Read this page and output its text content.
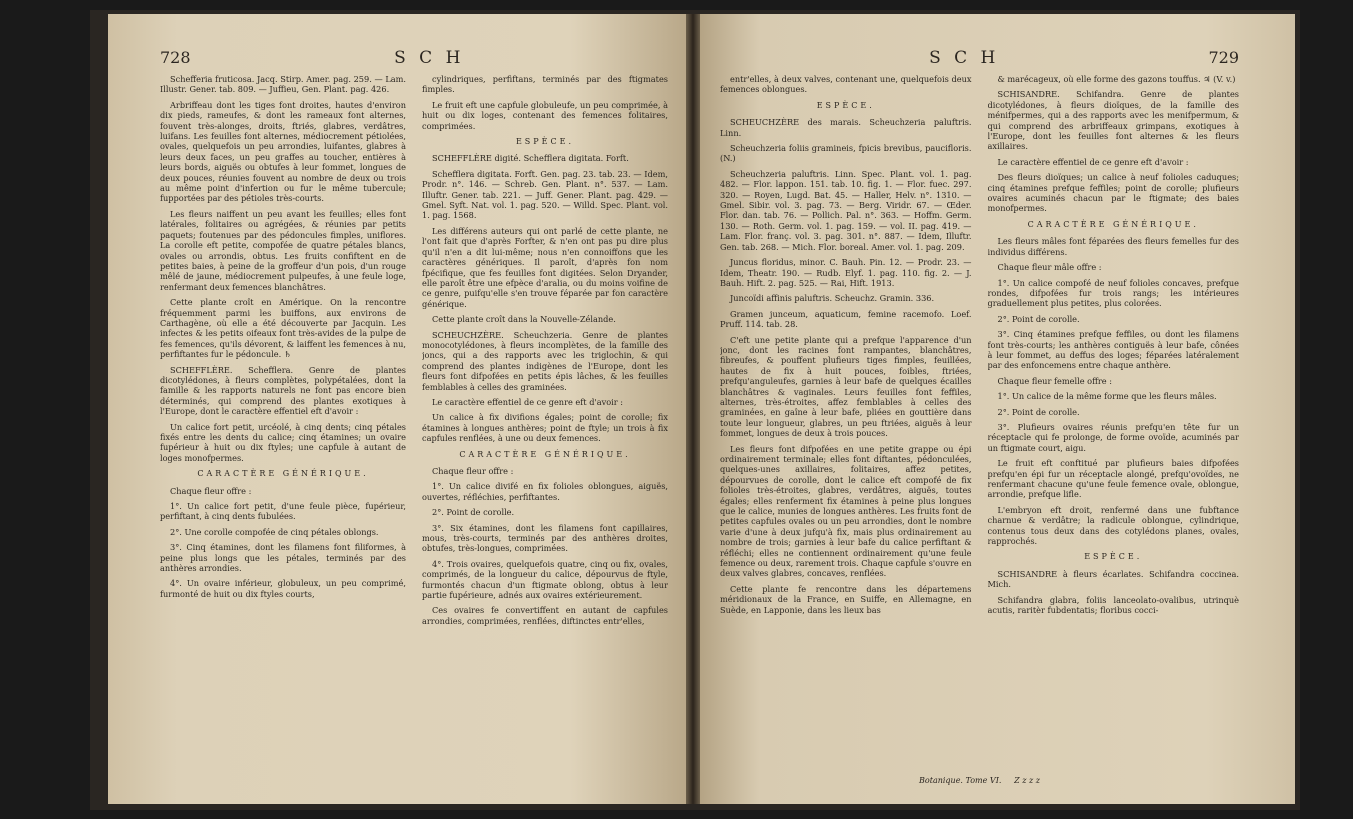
728	S C H

Schefferia fruticosa. Jacq. Stirp. Amer. pag. 259. — Lam. Illustr. Gener. tab. 809. — Juffieu, Gen. Plant. pag. 426.

Arbriffeau dont les tiges font droites, hautes d'environ dix pieds, rameufes, & dont les rameaux font alternes, fouvent très-alonges, droits, ftriés, glabres, verdâtres, luifans. Les feuilles font alternes, médiocrement pétiolées, ovales, quelquefois un peu arrondies, luifantes, glabres à leurs deux faces, un peu graffes au toucher, entières à leurs bords, aiguës ou obtufes à leur fommet, longues de deux pouces, réunies fouvent au nombre de deux ou trois au même point d'infertion ou fur le même tubercule; fupportées par des pétioles très-courts.

Les fleurs naiffent un peu avant les feuilles; elles font latérales, folitaires ou agrégées, & réunies par petits paquets; foutenues par des pédoncules fimples, uniflores. La corolle eft petite, compofée de quatre pétales blancs, ovales ou arrondis, obtus. Les fruits confiftent en de petites baies, à peine de la groffeur d'un pois, d'un rouge mêlé de jaune, médiocrement pulpeufes, à une feule loge, renfermant deux femences blanchâtres.

Cette plante croît en Amérique. On la rencontre fréquemment parmi les buiffons, aux environs de Carthagène, où elle a été découverte par Jacquin. Les infectes & les petits oifeaux font très-avides de la pulpe de fes femences, qu'ils dévorent, & laiffent les femences à nu, perfiftantes fur le pédoncule. ♄

SCHEFFLÈRE. Schefflera. Genre de plantes dicotylédones, à fleurs complètes, polypétalées, dont la famille & les rapports naturels ne font pas encore bien déterminés, qui comprend des plantes exotiques à l'Europe, dont le caractère effentiel eft d'avoir :

Un calice fort petit, urcéolé, à cinq dents; cinq pétales fixés entre les dents du calice; cinq étamines; un ovaire fupérieur à huit ou dix ftyles; une capfule à autant de loges monofpermes.

CARACTÈRE GÉNÉRIQUE.

Chaque fleur offre :

1°. Un calice fort petit, d'une feule pièce, fupérieur, perfiftant, à cinq dents fubulées.

2°. Une corolle compofée de cinq pétales oblongs.

3°. Cinq étamines, dont les filamens font filiformes, à peine plus longs que les pétales, terminés par des anthères arrondies.

4°. Un ovaire inférieur, globuleux, un peu comprimé, furmonté de huit ou dix ftyles courts,

cylindriques, perfiftans, terminés par des ftigmates fimples.

Le fruit eft une capfule globuleufe, un peu comprimée, à huit ou dix loges, contenant des femences folitaires, comprimées.

ESPÈCE.

SCHEFFLÈRE digité. Schefflera digitata. Forft.

Schefflera digitata. Forft. Gen. pag. 23. tab. 23. — Idem, Prodr. n°. 146. — Schreb. Gen. Plant. n°. 537. — Lam. Illuftr. Gener. tab. 221. — Juff. Gener. Plant. pag. 429. — Gmel. Syft. Nat. vol. 1. pag. 520. — Willd. Spec. Plant. vol. 1. pag. 1568.

Les différens auteurs qui ont parlé de cette plante, ne l'ont fait que d'après Forfter, & n'en ont pas pu dire plus qu'il n'en a dit lui-même; nous n'en connoiffons que les caractères génériques. Il paroît, d'après fon nom fpécifique, que fes feuilles font digitées. Selon Dryander, elle paroît être une efpèce d'aralia, ou du moins voifine de ce genre, puifqu'elle s'en trouve féparée par fon caractère générique.

Cette plante croît dans la Nouvelle-Zélande.

SCHEUCHZÈRE. Scheuchzeria. Genre de plantes monocotylédones, à fleurs incomplètes, de la famille des joncs, qui a des rapports avec les triglochin, & qui comprend des plantes indigènes de l'Europe, dont les fleurs font difpofées en petits épis lâches, & les feuilles femblables à celles des graminées.

Le caractère effentiel de ce genre eft d'avoir :

Un calice à fix divifions égales; point de corolle; fix étamines à longues anthères; point de ftyle; un trois à fix capfules renflées, à une ou deux femences.

CARACTÈRE GÉNÉRIQUE.

Chaque fleur offre :

1°. Un calice divifé en fix folioles oblongues, aiguës, ouvertes, réfléchies, perfiftantes.

2°. Point de corolle.

3°. Six étamines, dont les filamens font capillaires, mous, très-courts, terminés par des anthères droites, obtufes, très-longues, comprimées.

4°. Trois ovaires, quelquefois quatre, cinq ou fix, ovales, comprimés, de la longueur du calice, dépourvus de ftyle, furmontés chacun d'un ftigmate oblong, obtus à leur partie fupérieure, adnés aux ovaires extérieurement.

Ces ovaires fe convertiffent en autant de capfules arrondies, comprimées, renflées, diftinctes entr'elles,

S C H	729

entr'elles, à deux valves, contenant une, quelquefois deux femences oblongues.

ESPÈCE.

SCHEUCHZÈRE des marais. Scheuchzeria paluftris. Linn.

Scheuchzeria foliis gramineis, fpicis brevibus, paucifloris. (N.)

Scheuchzeria paluftris. Linn. Spec. Plant. vol. 1. pag. 482. — Flor. lappon. 151. tab. 10. fig. 1. — Flor. fuec. 297. 320. — Royen, Lugd. Bat. 45. — Haller, Helv. n°. 1310. — Gmel. Sibir. vol. 3. pag. 73. — Berg. Viridr. 67. — Œder. Flor. dan. tab. 76. — Pollich. Pal. n°. 363. — Hoffm. Germ. 130. — Roth. Germ. vol. 1. pag. 159. — vol. II. pag. 419. — Lam. Flor. franç. vol. 3. pag. 301. n°. 887. — Idem, Illuftr. Gen. tab. 268. — Mich. Flor. boreal. Amer. vol. 1. pag. 209.

Juncus floridus, minor. C. Bauh. Pin. 12. — Prodr. 23. — Idem, Theatr. 190. — Rudb. Elyf. 1. pag. 110. fig. 2. — J. Bauh. Hift. 2. pag. 525. — Rai, Hift. 1913.

Juncoïdi affinis paluftris. Scheuchz. Gramin. 336.

Gramen junceum, aquaticum, femine racemofo. Loef. Pruff. 114. tab. 28.

C'eft une petite plante qui a prefque l'apparence d'un jonc, dont les racines font rampantes, blanchâtres, fibreufes, & pouffent plufieurs tiges fimples, feuillées, hautes de fix à huit pouces, foibles, ftriées, prefqu'anguleufes, garnies à leur bafe de quelques écailles blanchâtres & vaginales. Leurs feuilles font feffiles, alternes, très-étroites, affez femblables à celles des graminées, en gaîne à leur bafe, pliées en gouttière dans toute leur longueur, glabres, un peu ftriées, aiguës à leur fommet, longues de deux à trois pouces.

Les fleurs font difpofées en une petite grappe ou épi ordinairement terminale; elles font diftantes, pédonculées, quelques-unes axillaires, folitaires, affez petites, dépourvues de corolle, dont le calice eft compofé de fix folioles très-étroites, glabres, verdâtres, aiguës, toutes égales; elles renferment fix étamines à peine plus longues que le calice, munies de longues anthères. Les fruits font de petites capfules ovales ou un peu arrondies, dont le nombre varie d'une à deux jufqu'à fix, mais plus ordinairement au nombre de trois; garnies à leur bafe du calice perfiftant & réfléchi; elles ne contiennent ordinairement qu'une feule femence ou deux, rarement trois. Chaque capfule s'ouvre en deux valves glabres, concaves, renflées.

Cette plante fe rencontre dans les départemens méridionaux de la France, en Suiffe, en Allemagne, en Suède, en Lapponie, dans les lieux bas

& marécageux, où elle forme des gazons touffus. ♃ (V. v.)

SCHISANDRE. Schifandra. Genre de plantes dicotylédones, à fleurs dioïques, de la famille des ménifpermes, qui a des rapports avec les menifpermum, & qui comprend des arbriffeaux grimpans, exotiques à l'Europe, dont les feuilles font alternes & les fleurs axillaires.

Le caractère effentiel de ce genre eft d'avoir :

Des fleurs dioïques; un calice à neuf folioles caduques; cinq étamines prefque feffiles; point de corolle; plufieurs ovaires acuminés chacun par le ftigmate; des baies monofpermes.

CARACTÈRE GÉNÉRIQUE.

Les fleurs mâles font féparées des fleurs femelles fur des individus différens.

Chaque fleur mâle offre :

1°. Un calice compofé de neuf folioles concaves, prefque rondes, difpofées fur trois rangs; les intérieures graduellement plus petites, plus colorées.

2°. Point de corolle.

3°. Cinq étamines prefque feffiles, ou dont les filamens font très-courts; les anthères contiguës à leur bafe, cônées à leur fommet, au deffus des loges; féparées latéralement par des enfoncemens entre chaque anthère.

Chaque fleur femelle offre :

1°. Un calice de la même forme que les fleurs mâles.

2°. Point de corolle.

3°. Plufieurs ovaires réunis prefqu'en tête fur un réceptacle qui fe prolonge, de forme ovoïde, acuminés par un ftigmate court, aigu.

Le fruit eft conftitué par plufieurs baies difpofées prefqu'en épi fur un réceptacle alongé, prefqu'ovoïdes, ne renfermant chacune qu'une feule femence ovale, oblongue, arrondie, prefque lifle.

L'embryon eft droit, renfermé dans une fubftance charnue & verdâtre; la radicule oblongue, cylindrique, contenus tous deux dans des cotylédons planes, ovales, rapprochés.

ESPÈCE.

SCHISANDRE à fleurs écarlates. Schifandra coccinea. Mich.

Schifandra glabra, foliis lanceolato-ovalibus, utrinquè acutis, raritèr fubdentatis; floribus cocci-

Botanique. Tome VI. Z z z z
